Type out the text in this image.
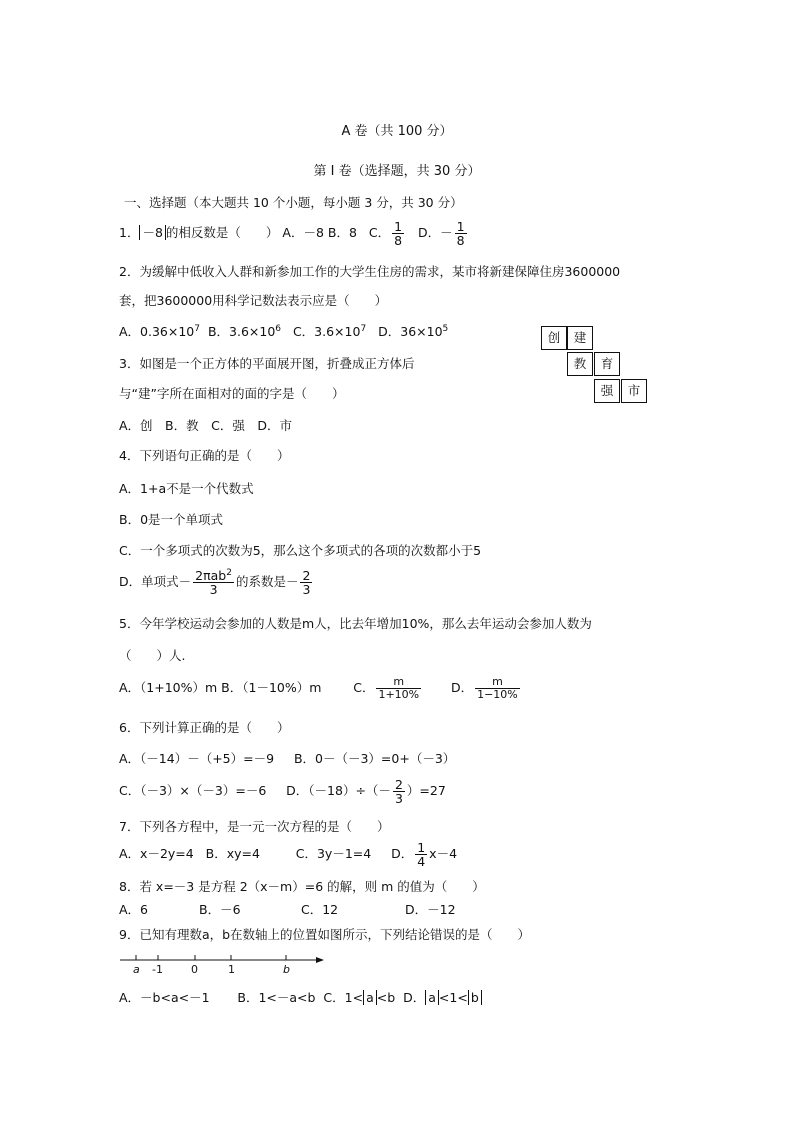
A 卷（共 100 分）
第 I 卷（选择题，共 30 分）
一、选择题（本大题共 10 个小题，每小题 3 分，共 30 分）
1． －8 的相反数是（　　） A．－8 B．8 C． $\frac{1}{8}$ D．－ $\frac{1}{8}$
2．为缓解中低收入人群和新参加工作的大学生住房的需求，某市将新建保障住房3600000
套，把3600000用科学记数法表示应是（　　）
A．$0.36\times 10^7$ B．$3.6\times 10^6$ C．$3.6\times 10^7$ D．$36\times 10^5$
创	建
教	育
强	市
3．如图是一个正方体的平面展开图，折叠成正方体后
与“建”字所在面相对的面的字是（　　）
A．创　B．教　C．强　D．市
4．下列语句正确的是（　　）
A．1+a不是一个代数式
B．0是一个单项式
C．一个多项式的次数为5，那么这个多项式的各项的次数都小于5
D．单项式－ $\frac{2\pi ab^2}{3}$ 的系数是－ $\frac{2}{3}$
5．今年学校运动会参加的人数是m人，比去年增加10%，那么去年运动会参加人数为
（　　）人.
A．（1+10%）m B．（1－10%）m	C． $\frac{m}{1+10\%}$ D． $\frac{m}{1-10\%}$
6．下列计算正确的是（　　）
A．（－14）－（+5）=－9 B．0－（－3）=0+（－3）
C．（－3）×（－3）=－6 D．$(-18)\div(- \frac{2}{3} )=27$
7．下列各方程中，是一元一次方程的是（　　）
A．x－2y=4 B．xy=4	C．3y－1=4 D． $\frac{1}{4} x-4$
8．若 x=－3 是方程 2（x－m）=6 的解，则 m 的值为（　　）
A．6	B．－6	C．12	D．－12
9．已知有理数a，b在数轴上的位置如图所示，下列结论错误的是（　　）
a -1	0	1	b
A．－b<a<－1 B．1<－a<b C．1< a <b D． a <1< b
